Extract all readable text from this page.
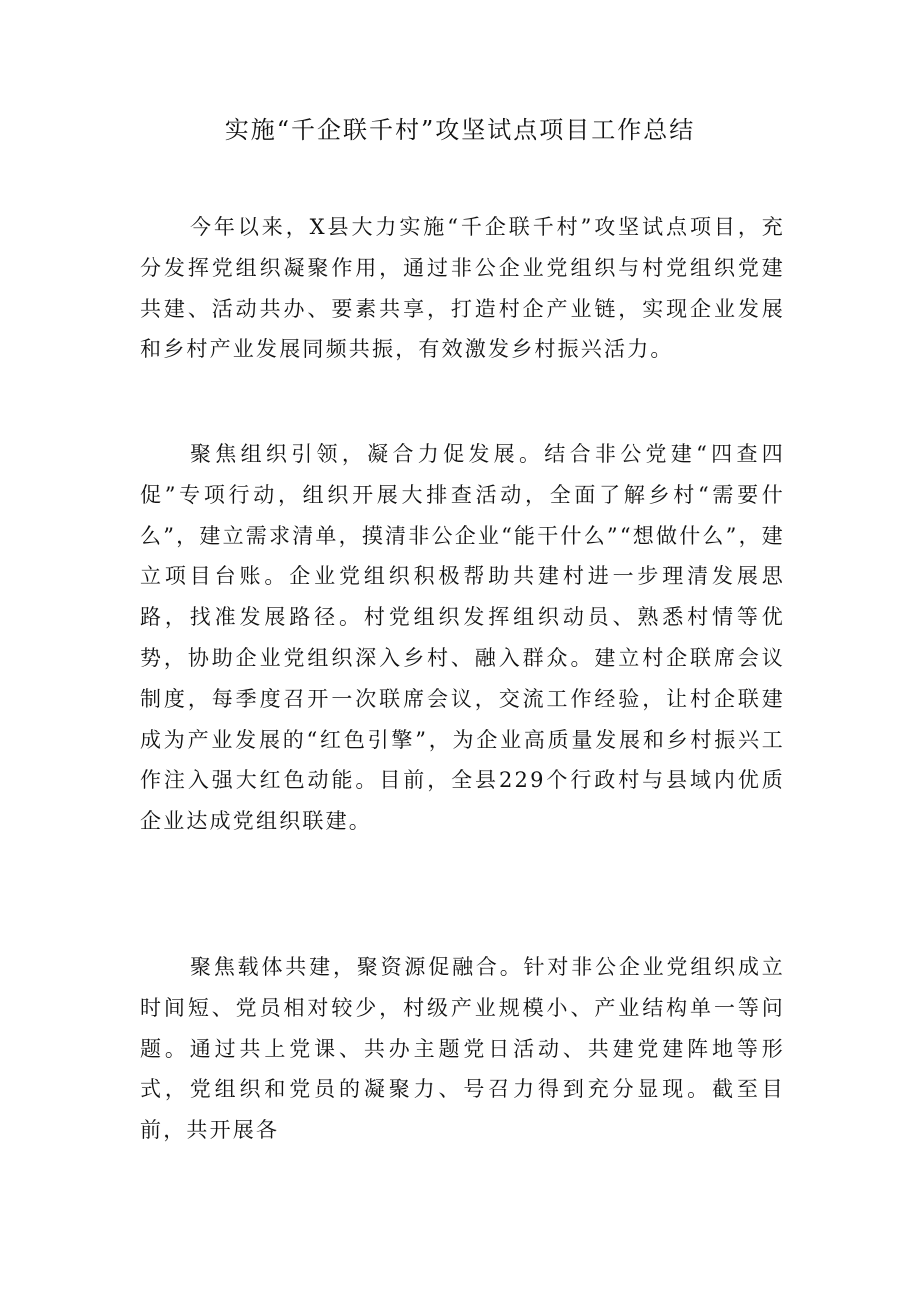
实施“千企联千村”攻坚试点项目工作总结

今年以来，X县大力实施“千企联千村”攻坚试点项目，充分发挥党组织凝聚作用，通过非公企业党组织与村党组织党建共建、活动共办、要素共享，打造村企产业链，实现企业发展和乡村产业发展同频共振，有效激发乡村振兴活力。

聚焦组织引领，凝合力促发展。结合非公党建“四查四促”专项行动，组织开展大排查活动，全面了解乡村“需要什么”，建立需求清单，摸清非公企业“能干什么”“想做什么”，建立项目台账。企业党组织积极帮助共建村进一步理清发展思路，找准发展路径。村党组织发挥组织动员、熟悉村情等优势，协助企业党组织深入乡村、融入群众。建立村企联席会议制度，每季度召开一次联席会议，交流工作经验，让村企联建成为产业发展的“红色引擎”，为企业高质量发展和乡村振兴工作注入强大红色动能。目前，全县229个行政村与县域内优质企业达成党组织联建。

聚焦载体共建，聚资源促融合。针对非公企业党组织成立时间短、党员相对较少，村级产业规模小、产业结构单一等问题。通过共上党课、共办主题党日活动、共建党建阵地等形式，党组织和党员的凝聚力、号召力得到充分显现。截至目前，共开展各
